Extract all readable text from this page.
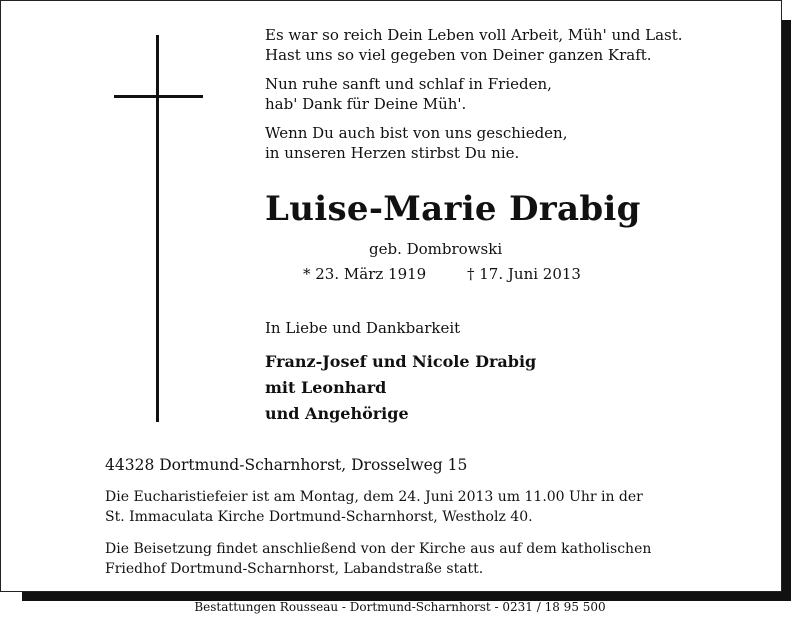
Es war so reich Dein Leben voll Arbeit, Müh' und Last.
Hast uns so viel gegeben von Deiner ganzen Kraft.

Nun ruhe sanft und schlaf in Frieden,
hab' Dank für Deine Müh'.

Wenn Du auch bist von uns geschieden,
in unseren Herzen stirbst Du nie.

Luise-Marie Drabig
geb. Dombrowski
* 23. März 1919	† 17. Juni 2013
In Liebe und Dankbarkeit
Franz-Josef und Nicole Drabig
mit Leonhard
und Angehörige
44328 Dortmund-Scharnhorst, Drosselweg 15
Die Eucharistiefeier ist am Montag, dem 24. Juni 2013 um 11.00 Uhr in der
St. Immaculata Kirche Dortmund-Scharnhorst, Westholz 40.
Die Beisetzung findet anschließend von der Kirche aus auf dem katholischen
Friedhof Dortmund-Scharnhorst, Labandstraße statt.
Bestattungen Rousseau - Dortmund-Scharnhorst - 0231 / 18 95 500
